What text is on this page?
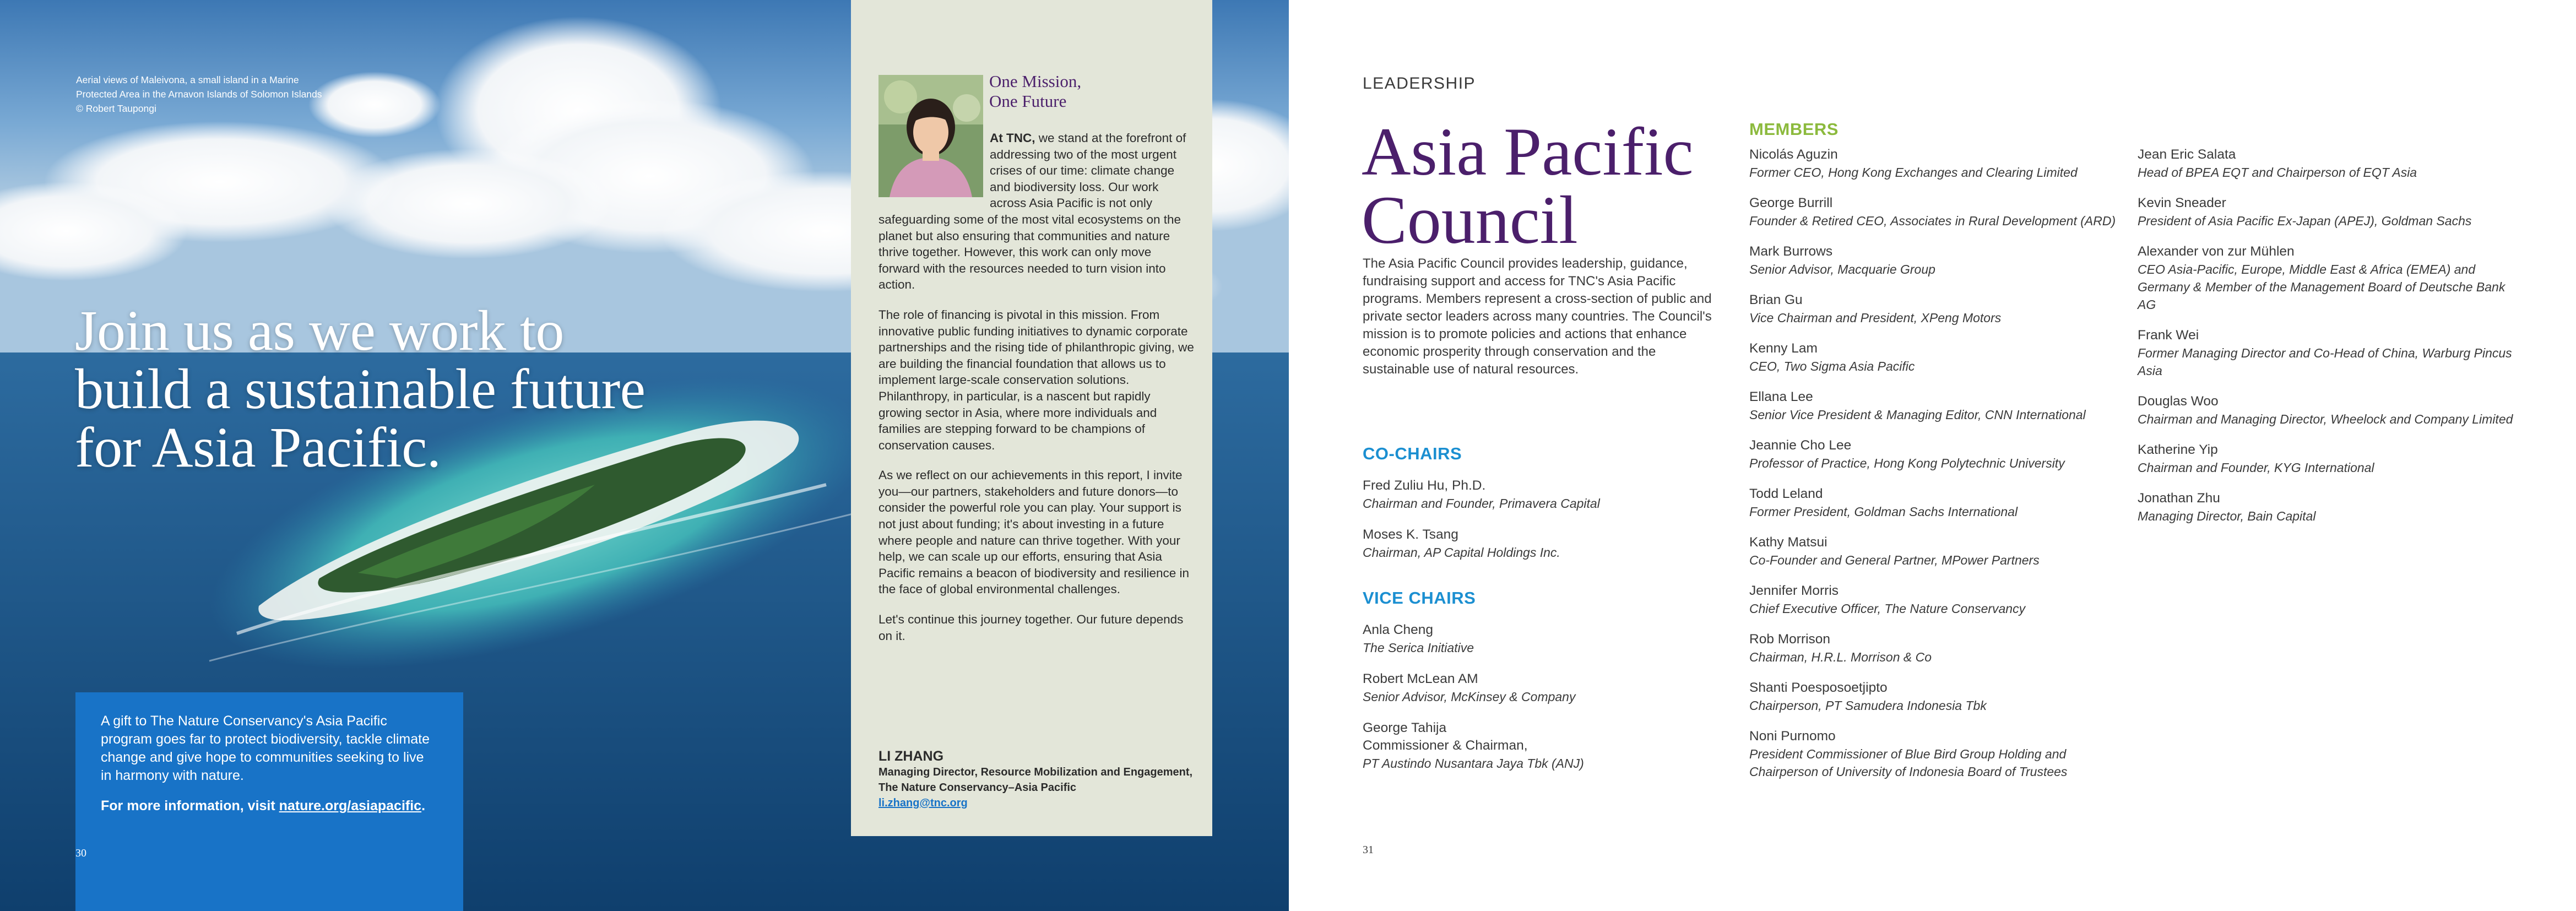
Aerial views of Maleivona, a small island in a Marine Protected Area in the Arnavon Islands of Solomon Islands © Robert Taupongi
Join us as we work to
build a sustainable future
for Asia Pacific.

A gift to The Nature Conservancy's Asia Pacific program goes far to protect biodiversity, tackle climate change and give hope to communities seeking to live in harmony with nature.

For more information, visit nature.org/asiapacific.

30
One Mission,
One Future

At TNC, we stand at the forefront of addressing two of the most urgent crises of our time: climate change and biodiversity loss. Our work across Asia Pacific is not only safeguarding some of the most vital ecosystems on the planet but also ensuring that communities and nature thrive together. However, this work can only move forward with the resources needed to turn vision into action.

The role of financing is pivotal in this mission. From innovative public funding initiatives to dynamic corporate partnerships and the rising tide of philanthropic giving, we are building the financial foundation that allows us to implement large-scale conservation solutions. Philanthropy, in particular, is a nascent but rapidly growing sector in Asia, where more individuals and families are stepping forward to be champions of conservation causes.

As we reflect on our achievements in this report, I invite you—our partners, stakeholders and future donors—to consider the powerful role you can play. Your support is not just about funding; it's about investing in a future where people and nature can thrive together. With your help, we can scale up our efforts, ensuring that Asia Pacific remains a beacon of biodiversity and resilience in the face of global environmental challenges.

Let's continue this journey together. Our future depends on it.

LI ZHANG

Managing Director, Resource Mobilization and Engagement, The Nature Conservancy–Asia Pacific

li.zhang@tnc.org

LEADERSHIP
Asia Pacific
Council

The Asia Pacific Council provides leadership, guidance, fundraising support and access for TNC's Asia Pacific programs. Members represent a cross-section of public and private sector leaders across many countries. The Council's mission is to promote policies and actions that enhance economic prosperity through conservation and the sustainable use of natural resources.

CO-CHAIRS
Fred Zuliu Hu, Ph.D.
Chairman and Founder, Primavera Capital
Moses K. Tsang
Chairman, AP Capital Holdings Inc.
VICE CHAIRS
Anla Cheng
The Serica Initiative
Robert McLean AM
Senior Advisor, McKinsey & Company
George Tahija
Commissioner & Chairman,
PT Austindo Nusantara Jaya Tbk (ANJ)
MEMBERS
Nicolás Aguzin
Former CEO, Hong Kong Exchanges and Clearing Limited
George Burrill
Founder & Retired CEO, Associates in Rural Development (ARD)
Mark Burrows
Senior Advisor, Macquarie Group
Brian Gu
Vice Chairman and President, XPeng Motors
Kenny Lam
CEO, Two Sigma Asia Pacific
Ellana Lee
Senior Vice President & Managing Editor, CNN International
Jeannie Cho Lee
Professor of Practice, Hong Kong Polytechnic University
Todd Leland
Former President, Goldman Sachs International
Kathy Matsui
Co-Founder and General Partner, MPower Partners
Jennifer Morris
Chief Executive Officer, The Nature Conservancy
Rob Morrison
Chairman, H.R.L. Morrison & Co
Shanti Poesposoetjipto
Chairperson, PT Samudera Indonesia Tbk
Noni Purnomo
President Commissioner of Blue Bird Group Holding and Chairperson of University of Indonesia Board of Trustees
Jean Eric Salata
Head of BPEA EQT and Chairperson of EQT Asia
Kevin Sneader
President of Asia Pacific Ex-Japan (APEJ), Goldman Sachs
Alexander von zur Mühlen
CEO Asia-Pacific, Europe, Middle East & Africa (EMEA) and Germany & Member of the Management Board of Deutsche Bank AG
Frank Wei
Former Managing Director and Co-Head of China, Warburg Pincus Asia
Douglas Woo
Chairman and Managing Director, Wheelock and Company Limited
Katherine Yip
Chairman and Founder, KYG International
Jonathan Zhu
Managing Director, Bain Capital
31
